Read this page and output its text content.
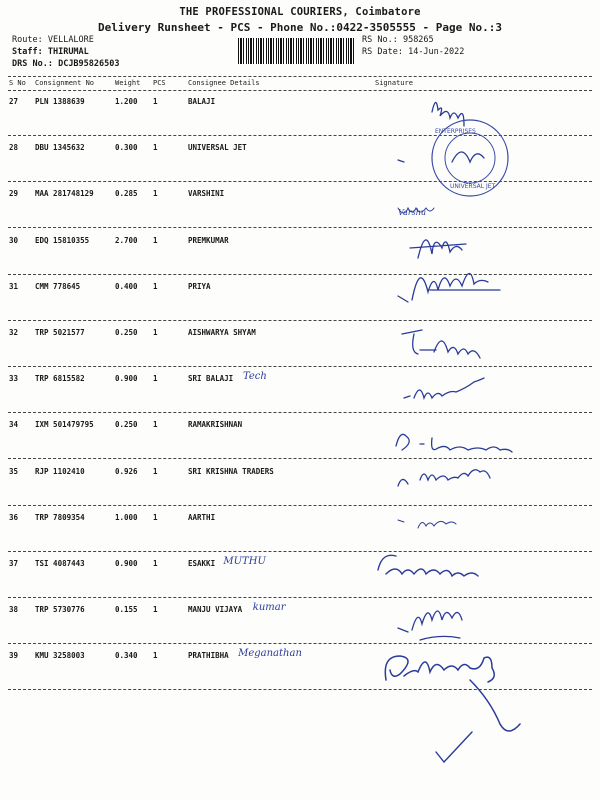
THE PROFESSIONAL COURIERS, Coimbatore
Delivery Runsheet - PCS - Phone No.:0422-3505555 - Page No.:3
Route: VELLALORE
Staff: THIRUMAL
DRS No.: DCJB95826503
RS No.: 958265
RS Date: 14-Jun-2022
S No Consignment No	Weight PCS	Consignee Details	Signature
27 PLN 1388639	1.200 1	BALAJI
28 DBU 1345632	0.300 1	UNIVERSAL JET
29 MAA 281748129	0.285 1	VARSHINI
30 EDQ 15810355	2.700 1	PREMKUMAR
31 CMM 778645	0.400 1	PRIYA
32 TRP 5021577	0.250 1	AISHWARYA SHYAM
33 TRP 6815582	0.900 1	SRI BALAJI Tech
34 IXM 501479795	0.250 1	RAMAKRISHNAN
35 RJP 1102410	0.926 1	SRI KRISHNA TRADERS
36 TRP 7809354	1.000 1	AARTHI
37 TSI 4087443	0.900 1	ESAKKI MUTHU
38 TRP 5730776	0.155 1	MANJU VIJAYA kumar
39 KMU 3258003	0.340 1	PRATHIBHA Meganathan
ENTERPRISES
UNIVERSAL JET
Varshu
